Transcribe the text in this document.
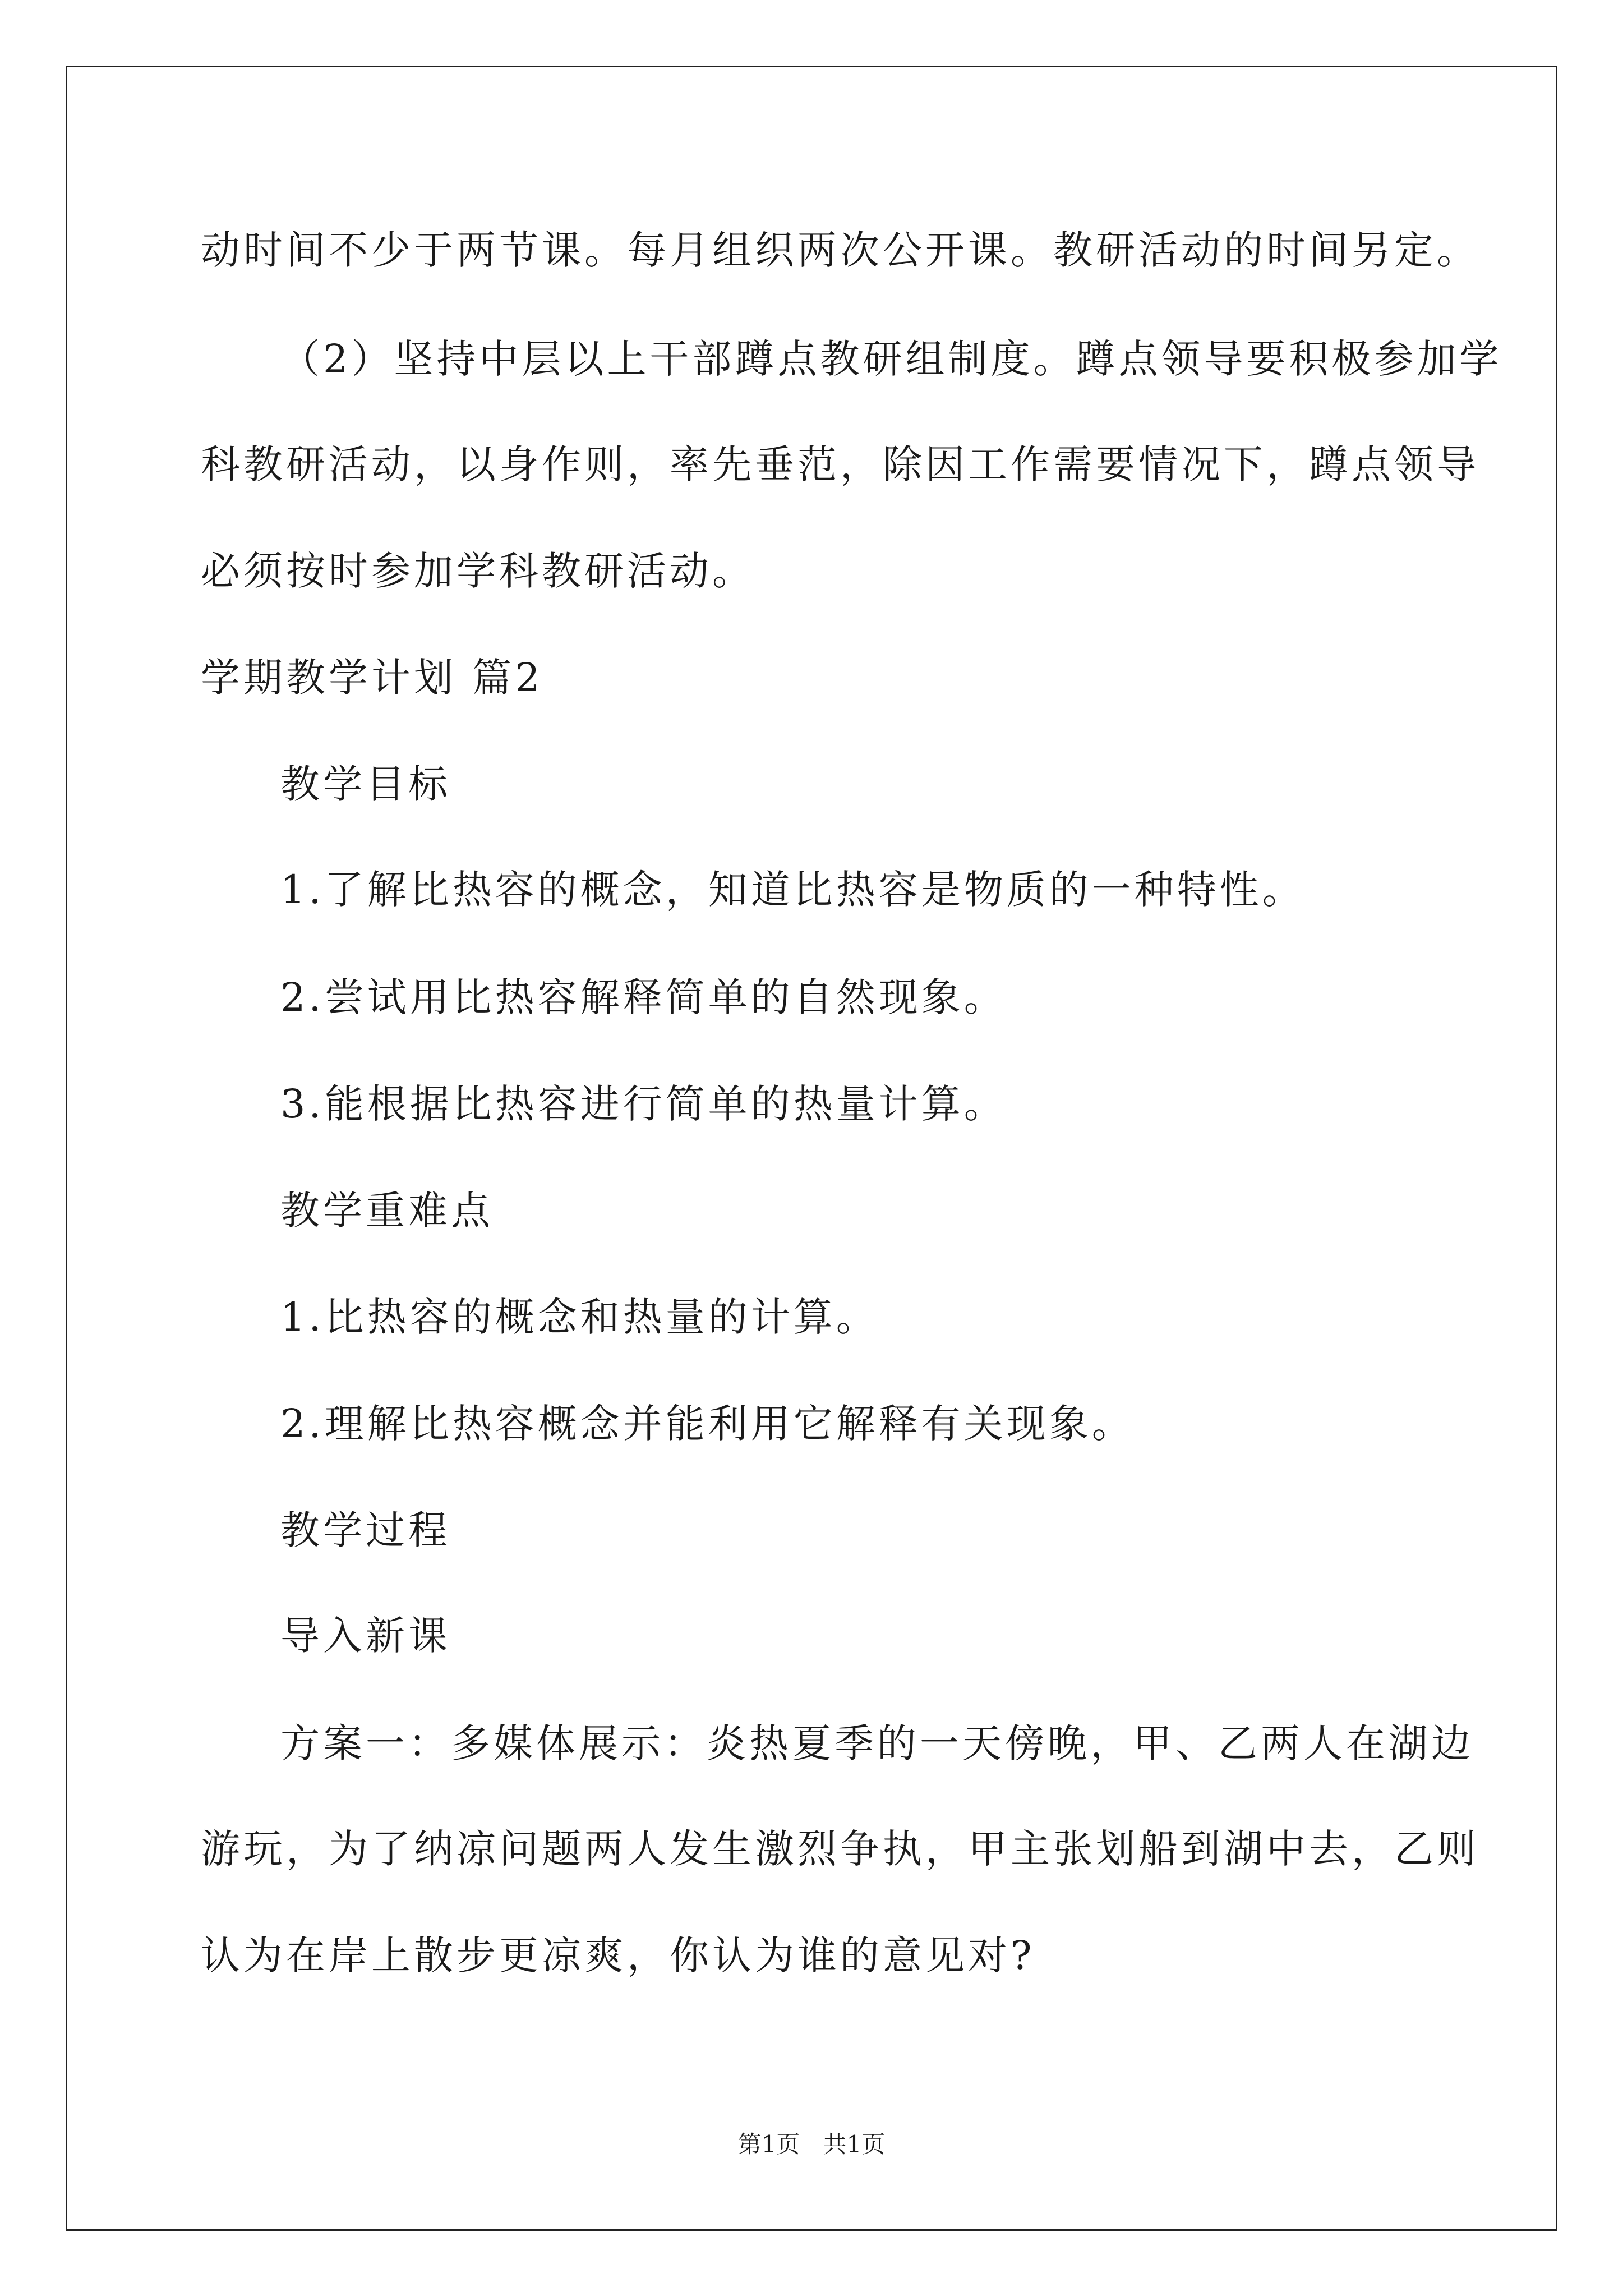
动时间不少于两节课。每月组织两次公开课。教研活动的时间另定。
（2）坚持中层以上干部蹲点教研组制度。蹲点领导要积极参加学
科教研活动，以身作则，率先垂范，除因工作需要情况下，蹲点领导
必须按时参加学科教研活动。
学期教学计划 篇2
教学目标
1.了解比热容的概念，知道比热容是物质的一种特性。
2.尝试用比热容解释简单的自然现象。
3.能根据比热容进行简单的热量计算。
教学重难点
1.比热容的概念和热量的计算。
2.理解比热容概念并能利用它解释有关现象。
教学过程
导入新课
方案一：多媒体展示：炎热夏季的一天傍晚，甲、乙两人在湖边
游玩，为了纳凉问题两人发生激烈争执，甲主张划船到湖中去，乙则
认为在岸上散步更凉爽，你认为谁的意见对?
第1页 共1页
